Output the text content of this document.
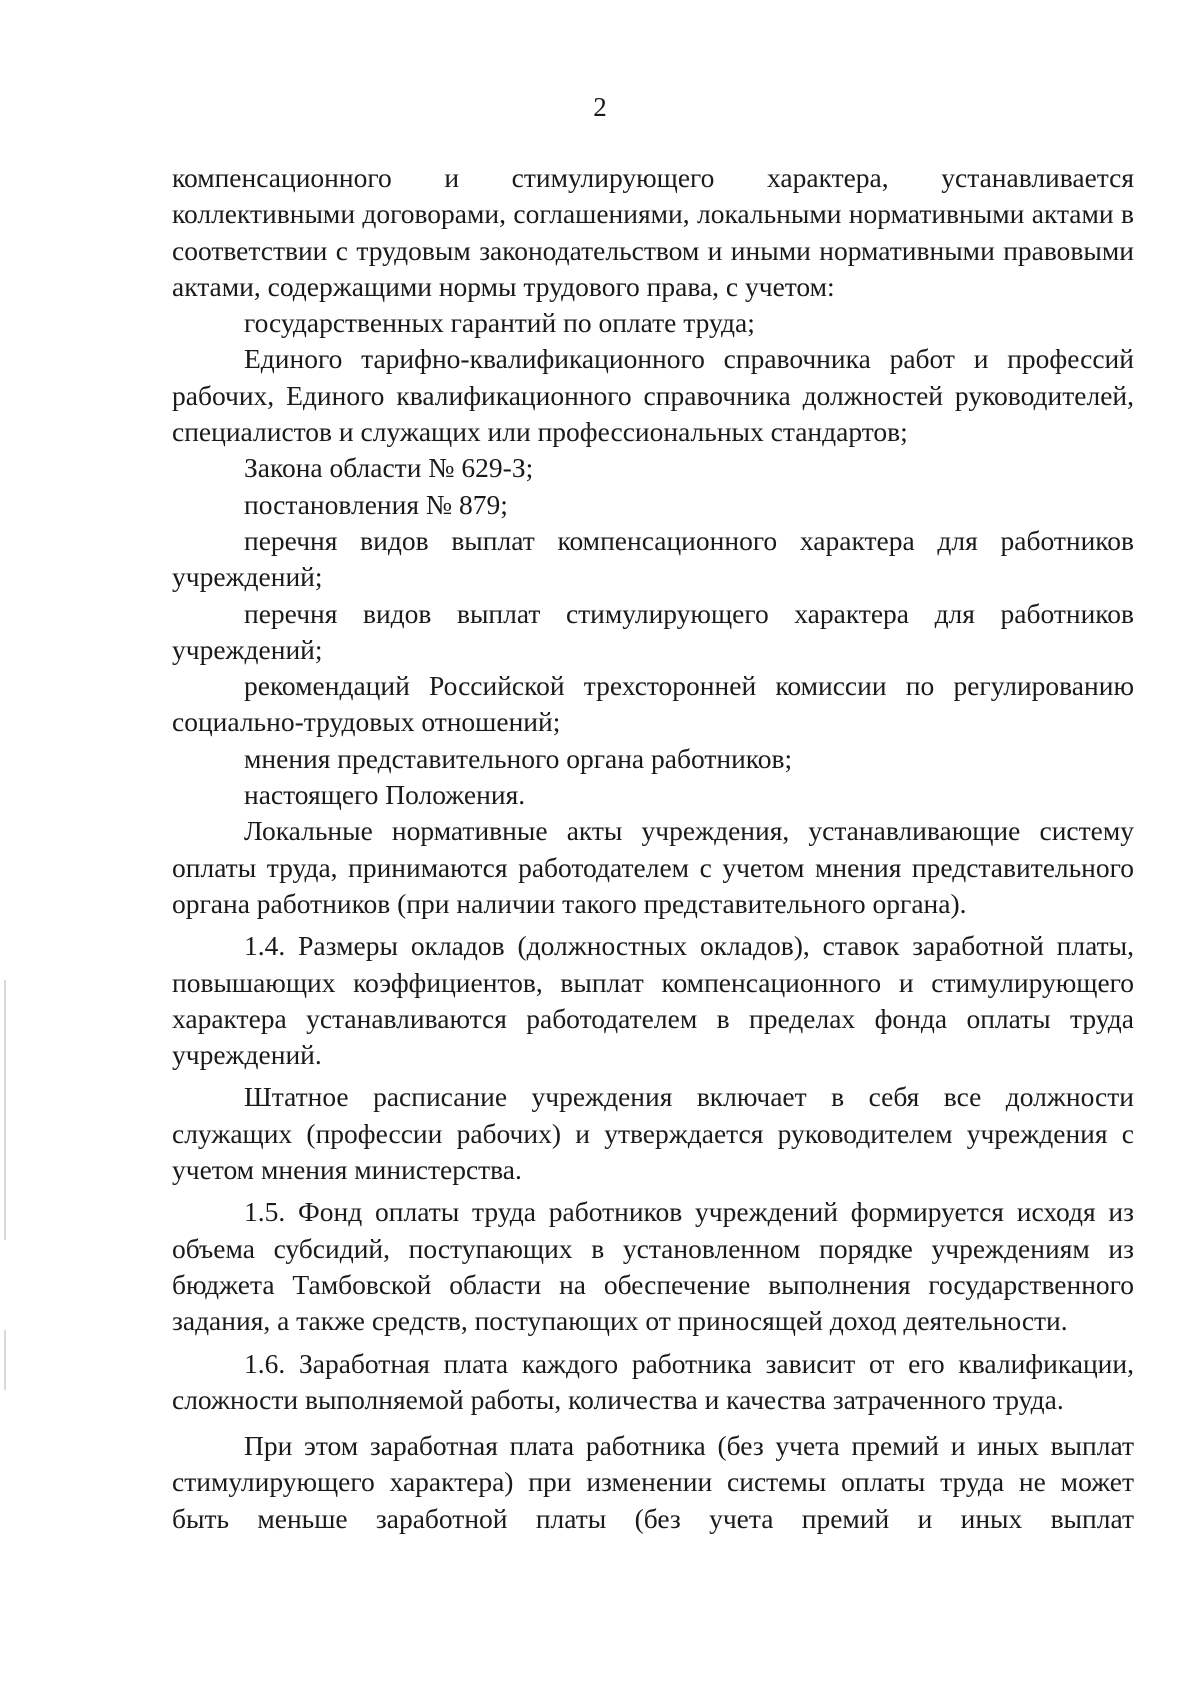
2

компенсационного и стимулирующего характера, устанавливается коллективными договорами, соглашениями, локальными нормативными актами в соответствии с трудовым законодательством и иными нормативными правовыми актами, содержащими нормы трудового права, с учетом:

государственных гарантий по оплате труда;

Единого тарифно-квалификационного справочника работ и профессий рабочих, Единого квалификационного справочника должностей руководителей, специалистов и служащих или профессиональных стандартов;

Закона области № 629-З;

постановления № 879;

перечня видов выплат компенсационного характера для работников учреждений;

перечня видов выплат стимулирующего характера для работников учреждений;

рекомендаций Российской трехсторонней комиссии по регулированию социально-трудовых отношений;

мнения представительного органа работников;

настоящего Положения.

Локальные нормативные акты учреждения, устанавливающие систему оплаты труда, принимаются работодателем с учетом мнения представительного органа работников (при наличии такого представительного органа).

1.4. Размеры окладов (должностных окладов), ставок заработной платы, повышающих коэффициентов, выплат компенсационного и стимулирующего характера устанавливаются работодателем в пределах фонда оплаты труда учреждений.

Штатное расписание учреждения включает в себя все должности служащих (профессии рабочих) и утверждается руководителем учреждения с учетом мнения министерства.

1.5. Фонд оплаты труда работников учреждений формируется исходя из объема субсидий, поступающих в установленном порядке учреждениям из бюджета Тамбовской области на обеспечение выполнения государственного задания, а также средств, поступающих от приносящей доход деятельности.

1.6. Заработная плата каждого работника зависит от его квалификации, сложности выполняемой работы, количества и качества затраченного труда.

При этом заработная плата работника (без учета премий и иных выплат стимулирующего характера) при изменении системы оплаты труда не может быть меньше заработной платы (без учета премий и иных выплат
